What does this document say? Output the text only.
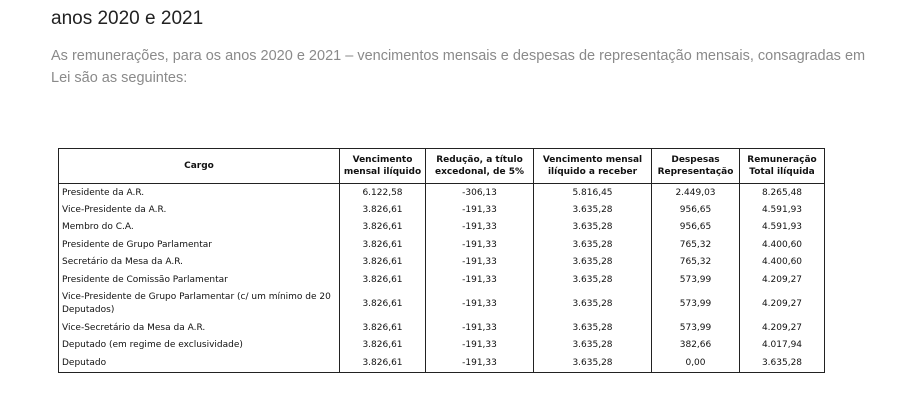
anos 2020 e 2021

As remunerações, para os anos 2020 e 2021 – vencimentos mensais e despesas de representação mensais, consagradas em Lei são as seguintes:

Cargo	Vencimento mensal ilíquido	Redução, a título excedonal, de 5%	Vencimento mensal ilíquido a receber	Despesas Representação	Remuneração Total ilíquida
Presidente da A.R.	6.122,58	-306,13	5.816,45	2.449,03	8.265,48
Vice-Presidente da A.R.	3.826,61	-191,33	3.635,28	956,65	4.591,93
Membro do C.A.	3.826,61	-191,33	3.635,28	956,65	4.591,93
Presidente de Grupo Parlamentar	3.826,61	-191,33	3.635,28	765,32	4.400,60
Secretário da Mesa da A.R.	3.826,61	-191,33	3.635,28	765,32	4.400,60
Presidente de Comissão Parlamentar	3.826,61	-191,33	3.635,28	573,99	4.209,27
Vice-Presidente de Grupo Parlamentar (c/ um mínimo de 20 Deputados)	3.826,61	-191,33	3.635,28	573,99	4.209,27
Vice-Secretário da Mesa da A.R.	3.826,61	-191,33	3.635,28	573,99	4.209,27
Deputado (em regime de exclusividade)	3.826,61	-191,33	3.635,28	382,66	4.017,94
Deputado	3.826,61	-191,33	3.635,28	0,00	3.635,28
